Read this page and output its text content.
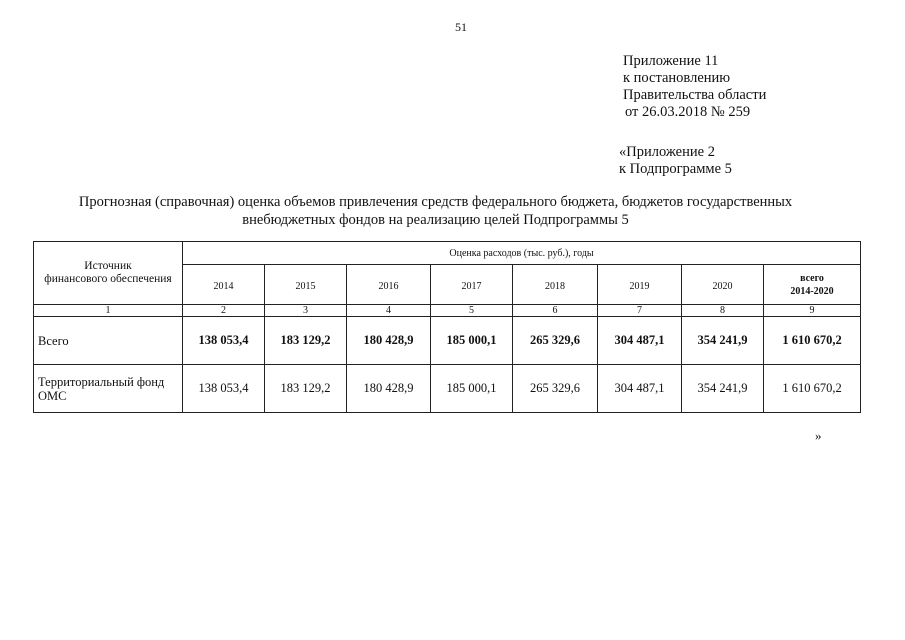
51
Приложение 11
к постановлению
Правительства области
от 26.03.2018 № 259
«Приложение 2
к Подпрограмме 5
Прогнозная (справочная) оценка объемов привлечения средств федерального бюджета, бюджетов государственных
внебюджетных фондов на реализацию целей Подпрограммы 5
Источник
финансового обеспечения	Оценка расходов (тыс. руб.), годы							
	2014	2015	2016	2017	2018	2019	2020	всего
2014-2020

1	2	3	4	5	6	7	8	9

Всего	138 053,4	183 129,2	180 428,9	185 000,1	265 329,6	304 487,1	354 241,9	1 610 670,2

Территориальный фонд
ОМС	138 053,4	183 129,2	180 428,9	185 000,1	265 329,6	304 487,1	354 241,9	1 610 670,2
»
